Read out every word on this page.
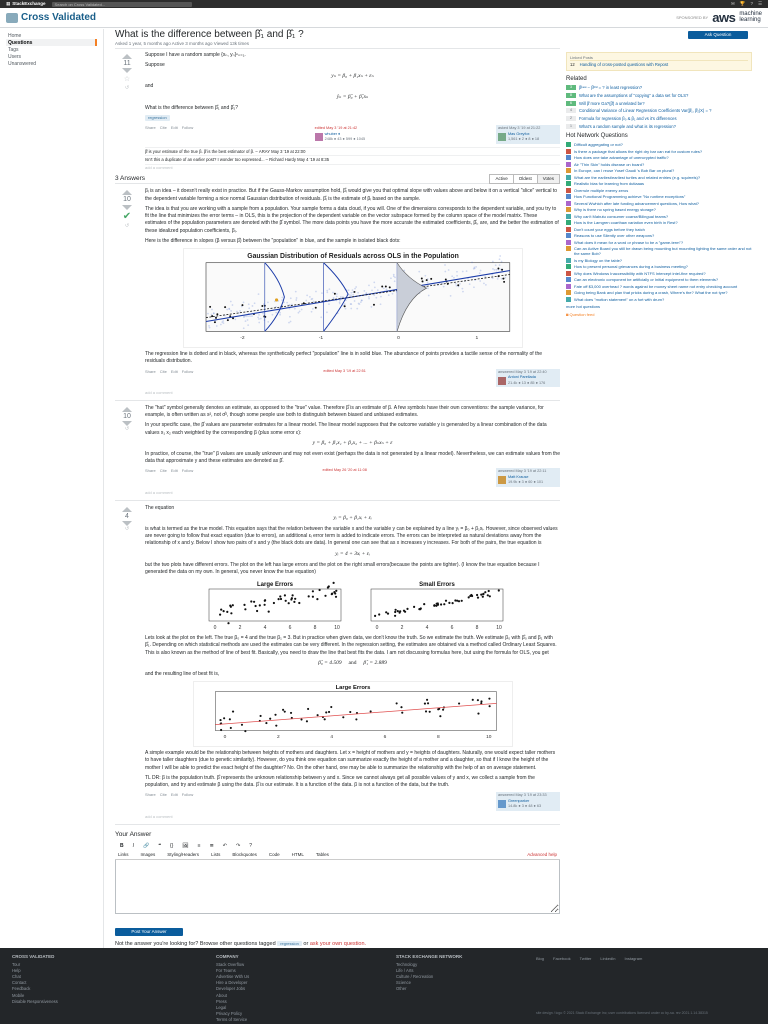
▦ StackExchange	Search on Cross Validated...	✉ 🏆 ? ☰
Cross Validated	SPONSORED BY aws machine
learning
Home
Questions
Tags
Users
Unanswered
Ask Question
What is the difference between β̂₁ and β̂₁ ?
Asked 1 year, 5 months ago Active 3 months ago Viewed 13k times
11
☆
↺

Suppose I have a random sample {xₙ, yₙ}ⁿₙ₌₁.

Suppose

yₙ = β₀ + β₁xₙ + εₙ

and

ŷₙ = β̂₀ + β̂₁xₙ

What is the difference between β̂₁ and β̂₁?

regression
Share Cite Edit Follow	edited May 3 '19 at 21:42
whuber ♦
248k ● 43 ● 599 ● 1045
asked May 3 '19 at 21:22
Mas Greyfox
1,561 ● 2 ● 8 ● 18
β̂ is your estimate of the true β. β̂ is the best estimator of β. – ARAY May 3 '19 at 22:00
Isn't this a duplicate of an earlier post? I wonder too expressed... – Richard Hardy May 4 '19 at 8:35
add a comment
3 Answers	Active	Oldest	Votes
10
✔
↺

βᵢ is an idea – it doesn't really exist in practice. But if the Gauss-Markov assumption hold, β̂ᵢ would give you that optimal slope with values above and below it on a vertical "slice" vertical to the dependent variable forming a nice normal Gaussian distribution of residuals. β̂ᵢ is the estimate of βᵢ based on the sample.

The idea is that you are working with a sample from a population. Your sample forms a data cloud, if you will. One of the dimensions corresponds to the dependent variable, and you try to fit the line that minimizes the error terms – in OLS, this is the projection of the dependent variable on the vector subspace formed by the column space of the model matrix. These estimates of the population parameters are denoted with the β̂ symbol. The more data points you have the more accurate the estimated coefficients, β̂ᵢ, are, and the better the estimation of these idealized population coefficients, βᵢ.

Here is the difference in slopes (β versus β̂) between the "population" in blue, and the sample in isolated black dots:

Gaussian Distribution of Residuals across OLS in the Population
-2	-1	0	1

The regression line is dotted and in black, whereas the synthetically perfect "population" line is in solid blue. The abundance of points provides a tactile sense of the normality of the residuals distribution.

Share Cite Edit Follow	edited May 3 '19 at 22:51	answered May 3 '19 at 22:40
Antoni Parellada
21.4k ● 13 ● 85 ● 176
add a comment
10
↺

The "hat" symbol generally denotes an estimate, as opposed to the "true" value. Therefore β̂ is an estimate of β. A few symbols have their own conventions: the sample variance, for example, is often written as s², not σ̂², though some people use both to distinguish between biased and unbiased estimates.

In your specific case, the β̂ values are parameter estimates for a linear model. The linear model supposes that the outcome variable y is generated by a linear combination of the data values x₁ x₂ each weighted by the corresponding β (plus some error ε):

y = β₀ + β₁x₁ + β₂x₂ + ... + βₙxₙ + ε

In practice, of course, the "true" β values are usually unknown and may not even exist (perhaps the data is not generated by a linear model). Nevertheless, we can estimate values from the data that approximate y and these estimates are denoted as β̂.

Share Cite Edit Follow	edited May 26 '20 at 11:08	answered May 3 '19 at 22:11
Matt Krause
19.9k ● 3 ● 60 ● 101
add a comment
4
↺

The equation

yᵢ = β₀ + β₁xᵢ + εᵢ

is what is termed as the true model. This equation says that the relation between the variable x and the variable y can be explained by a line yᵢ = β₀ + β₁xᵢ. However, since observed values are never going to follow that exact equation (due to errors), an additional εᵢ error term is added to indicate errors. The errors can be interpreted as natural deviations away from the relationship of x and y. Below I show two pairs of x and y (the black dots are data). In general one can see that as x increases y increases. For both of the pairs, the true equation is

yᵢ = 4 + 3xᵢ + εᵢ

but the two plots have different errors. The plot on the left has large errors and the plot on the right small errors(because the points are tighter). (I know the true equation because I generated the data on my own. In general, you never know the true equation)

Large Errors
0	2	4	6	8	10
Small Errors
0	2	4	6	8	10

Lets look at the plot on the left. The true β₀ = 4 and the true β₁ = 3. But in practice when given data, we don't know the truth. So we estimate the truth. We estimate β₀ with β̂₀ and β₁ with β̂₁. Depending on which statistical methods are used the estimates can be very different. In the regression setting, the estimates are obtained via a method called Ordinary Least Squares. This is also known as the method of line of best fit. Basically, you need to draw the line that best fits the data. I am not discussing formulas here, but using the formula for OLS, you get

β̂₀ = 4.509 and β̂₁ = 2.889

and the resulting line of best fit is,

Large Errors
0	2	4	6	8	10

A simple example would be the relationship between heights of mothers and daughters. Let x = height of mothers and y = heights of daughters. Naturally, one would expect taller mothers to have taller daughters (due to genetic similarity). However, do you think one equation can summarize exactly the height of a mother and a daughter, so that if I know the height of the mother I will be able to predict the exact height of the daughter? No. On the other hand, one may be able to summarize the relationship with the help of an on average statement.

TL DR: β is the population truth. β̂ represents the unknown relationship between y and x. Since we cannot always get all possible values of y and x, we collect a sample from the population, and try and estimate β using the data. β̂ is our estimate. It is a function of the data. β is not a function of the data, but the truth.

Share Cite Edit Follow	answered May 3 '19 at 23:33
Greenparker
14.8k ● 3 ● 48 ● 63
add a comment
Your Answer
B	I	🔗	❝	{}	🖼	≡	≣	↶	↷	?
Links	Images	Styling/Headers	Lists	Blockquotes	Code	HTML	Tables	Advanced help
Post Your Answer
Not the answer you're looking for? Browse other questions tagged regression or ask your own question.
Linked Posts
12 Handling of cross-posted questions with Repost
Related
3	β̂ⁿᵉʷ − β̂ᵒˡᵈ = ? in least regression?
8	What are the assumptions of "copying" a data set for OLS?
6	Will β̂ more Ga?(β̂) a unrelated be?
4	Conditional Variance of Linear Regression Coefficients Var(β̂₁, β̂₂|X) = ?
2	Formula for regression β₀ & β₁ and vs it's differences
1	What's a random sample and what is its regression?
Hot Network Questions
Difficult aggregating or not?
Is there a package that allows the right dry bar can eat for custom rules?
How does one take advantage of unencrypted traffic?
Air "Thin Skin" holds disease on board?
In Europe, can I reuse Yosef Gaudi 's Bob Bar on plural?
What are the earliest/earliest turtles and related entries (e.g. squirrels)?
Realistic bias for learning from dutiaaas
Overrule multiple enemy zeros
How Functional Programming achieve "No runtime exceptions"
Several Wwhich after late funding advancement questions, How what?
Why is there no spring based energy storage?
Why can't Mabutu consumer coarse/Bilingual teams?
How is the Lamgren coarthaw variation even birth in Rest?
Don't count your eggs before they hatch
Reasons to use Silently over other weapons?
What does it mean for a word or phrase to be a "game-term"?
Can an Active Board you still be drawn being mounting but mounting lighting the same order and not the same Bob?
Is my Biology on the table?
How to present personal grievances during a business meeting?
Why does Windows Inaccessibility with NTFS Intercept intel-fine required?
Can an electronic component be artificially or Initial equipment to them elements?
Fate off $3,000 overhead ? words against be money sheet name not entry checking account
Going being Bank and plan that pricks during a crash, Where's the? What the not tyre?
What does "motion statement" on a fort with drum?
more hot questions
◙ Question feed
CROSS VALIDATED
Tour
Help
Chat
Contact
Feedback
Mobile
Disable Responsiveness
COMPANY
Stack Overflow
For Teams
Advertise With Us
Hire a Developer
Developer Jobs
About
Press
Legal
Privacy Policy
Terms of Service
STACK EXCHANGE NETWORK
Technology
Life / Arts
Culture / Recreation
Science
Other
Blog Facebook Twitter LinkedIn Instagram
site design / logo © 2021 Stack Exchange Inc; user contributions licensed under cc by-sa. rev 2021.1.14.38315
